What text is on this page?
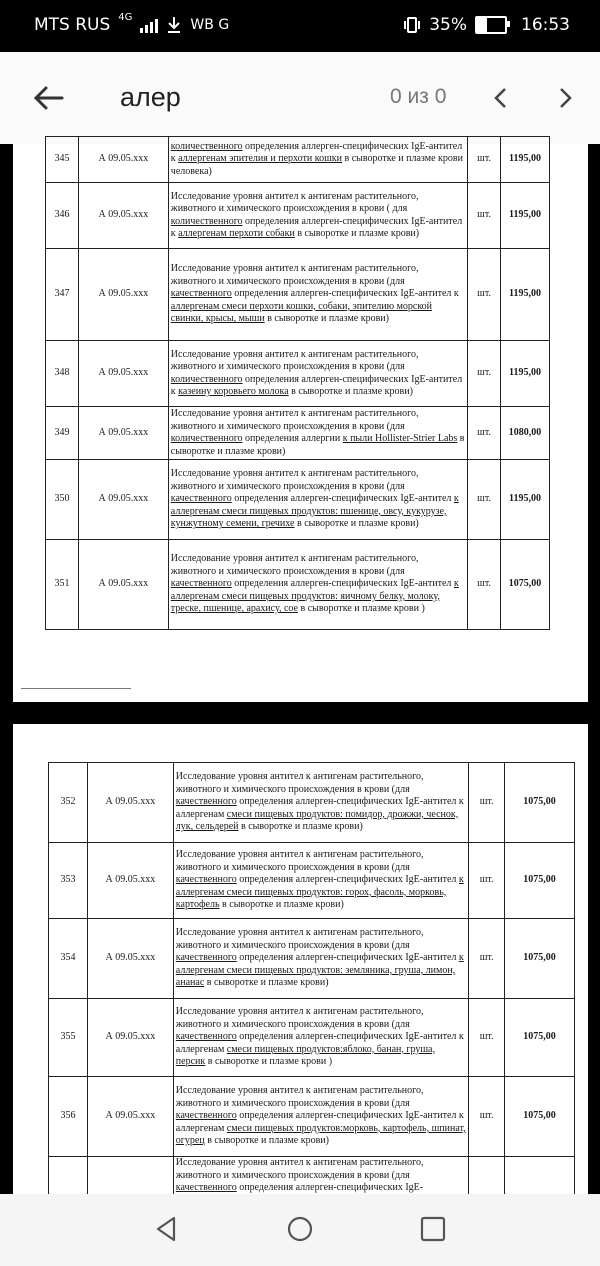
MTS RUS 4G	WB G	35%	16:53
алер	0 из 0
345	А 09.05.ххх	количественного определения аллерген-специфических IgE-антител к аллергенам эпителия и перхоти кошки в сыворотке и плазме крови человека)	шт.	1195,00
346	А 09.05.ххх	Исследование уровня антител к антигенам растительного, животного и химического происхождения в крови ( для количественного определения аллерген-специфических IgE-антител к аллергенам перхоти собаки в сыворотке и плазме крови)	шт.	1195,00
347	А 09.05.ххх	Исследование уровня антител к антигенам растительного, животного и химического происхождения в крови (для качественного определения аллерген-специфических IgE-антител к аллергенам смеси перхоти кошки, собаки, эпителию морской свинки, крысы, мыши в сыворотке и плазме крови)	шт.	1195,00
348	А 09.05.ххх	Исследование уровня антител к антигенам растительного, животного и химического происхождения в крови (для количественного определения аллерген-специфических IgE-антител к казеину коровьего молока в сыворотке и плазме крови)	шт.	1195,00
349	А 09.05.ххх	Исследование уровня антител к антигенам растительного, животного и химического происхождения в крови (для количественного определения аллергии к пыли Hollister-Strier Labs в сыворотке и плазме крови)	шт.	1080,00
350	А 09.05.ххх	Исследование уровня антител к антигенам растительного, животного и химического происхождения в крови (для качественного определения аллерген-специфических IgE-антител к аллергенам смеси пищевых продуктов: пшенице, овсу, кукурузе, кунжутному семени, гречихе в сыворотке и плазме крови)	шт.	1195,00
351	А 09.05.ххх	Исследование уровня антител к антигенам растительного, животного и химического происхождения в крови (для качественного определения аллерген-специфических IgE-антител к аллергенам смеси пищевых продуктов: яичному белку, молоку, треске, пшенице, арахису, сое в сыворотке и плазме крови )	шт.	1075,00
352	А 09.05.ххх	Исследование уровня антител к антигенам растительного, животного и химического происхождения в крови (для качественного определения аллерген-специфических IgE-антител к аллергенам смеси пищевых продуктов: помидор, дрожжи, чеснок, лук, сельдерей в сыворотке и плазме крови)	шт.	1075,00
353	А 09.05.ххх	Исследование уровня антител к антигенам растительного, животного и химического происхождения в крови (для качественного определения аллерген-специфических IgE-антител к аллергенам смеси пищевых продуктов: горох, фасоль, морковь, картофель в сыворотке и плазме крови)	шт.	1075,00
354	А 09.05.ххх	Исследование уровня антител к антигенам растительного, животного и химического происхождения в крови (для качественного определения аллерген-специфических IgE-антител к аллергенам смеси пищевых продуктов: земляника, груша, лимон, ананас в сыворотке и плазме крови)	шт.	1075,00
355	А 09.05.ххх	Исследование уровня антител к антигенам растительного, животного и химического происхождения в крови (для качественного определения аллерген-специфических IgE-антител к аллергенам смеси пищевых продуктов:яблоко, банан, груша, персик в сыворотке и плазме крови )	шт.	1075,00
356	А 09.05.ххх	Исследование уровня антител к антигенам растительного, животного и химического происхождения в крови (для качественного определения аллерген-специфических IgE-антител к аллергенам смеси пищевых продуктов:морковь, картофель, шпинат, огурец в сыворотке и плазме крови)	шт.	1075,00
		Исследование уровня антител к антигенам растительного, животного и химического происхождения в крови (для качественного определения аллерген-специфических IgE-		
